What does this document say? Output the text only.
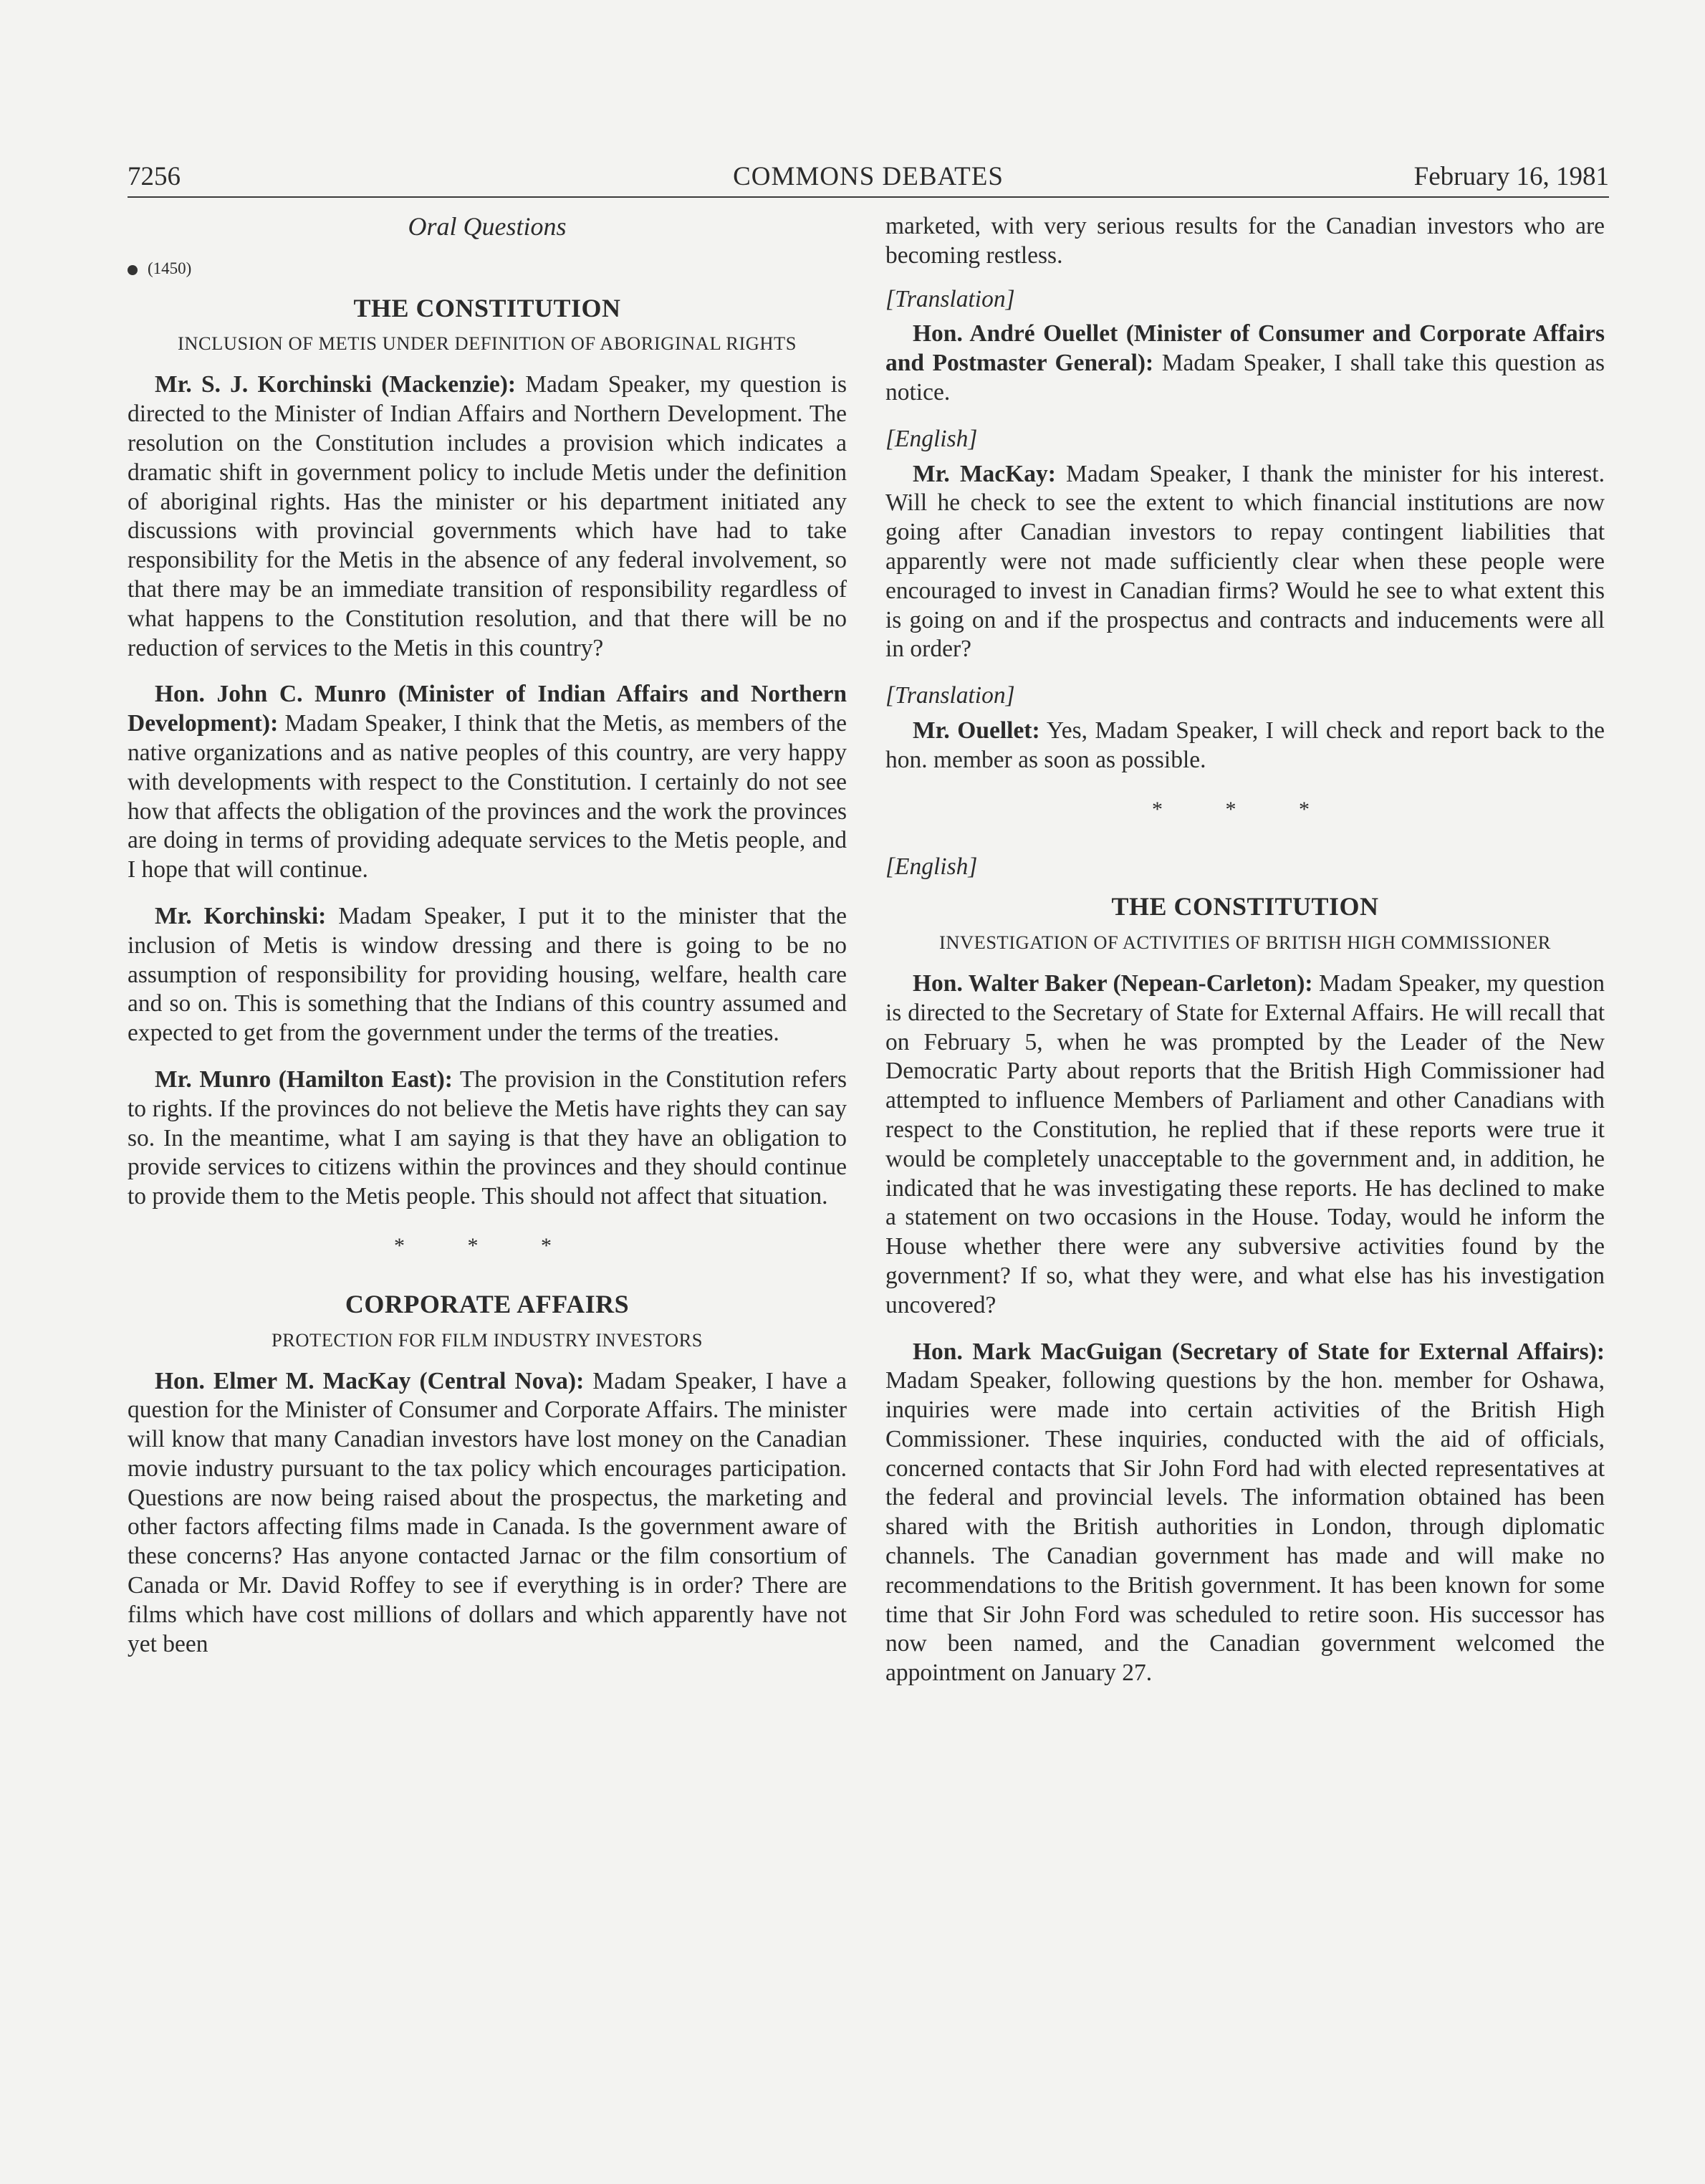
7256	COMMONS DEBATES	February 16, 1981

Oral Questions

(1450)

THE CONSTITUTION

INCLUSION OF METIS UNDER DEFINITION OF ABORIGINAL RIGHTS

Mr. S. J. Korchinski (Mackenzie): Madam Speaker, my question is directed to the Minister of Indian Affairs and Northern Development. The resolution on the Constitution includes a provision which indicates a dramatic shift in government policy to include Metis under the definition of aboriginal rights. Has the minister or his department initiated any discussions with provincial governments which have had to take responsibility for the Metis in the absence of any federal involvement, so that there may be an immediate transition of responsibility regardless of what happens to the Constitution resolution, and that there will be no reduction of services to the Metis in this country?

Hon. John C. Munro (Minister of Indian Affairs and Northern Development): Madam Speaker, I think that the Metis, as members of the native organizations and as native peoples of this country, are very happy with developments with respect to the Constitution. I certainly do not see how that affects the obligation of the provinces and the work the provinces are doing in terms of providing adequate services to the Metis people, and I hope that will continue.

Mr. Korchinski: Madam Speaker, I put it to the minister that the inclusion of Metis is window dressing and there is going to be no assumption of responsibility for providing housing, welfare, health care and so on. This is something that the Indians of this country assumed and expected to get from the government under the terms of the treaties.

Mr. Munro (Hamilton East): The provision in the Constitution refers to rights. If the provinces do not believe the Metis have rights they can say so. In the meantime, what I am saying is that they have an obligation to provide services to citizens within the provinces and they should continue to provide them to the Metis people. This should not affect that situation.

* * *

CORPORATE AFFAIRS

PROTECTION FOR FILM INDUSTRY INVESTORS

Hon. Elmer M. MacKay (Central Nova): Madam Speaker, I have a question for the Minister of Consumer and Corporate Affairs. The minister will know that many Canadian investors have lost money on the Canadian movie industry pursuant to the tax policy which encourages participation. Questions are now being raised about the prospectus, the marketing and other factors affecting films made in Canada. Is the government aware of these concerns? Has anyone contacted Jarnac or the film consortium of Canada or Mr. David Roffey to see if everything is in order? There are films which have cost millions of dollars and which apparently have not yet been

marketed, with very serious results for the Canadian investors who are becoming restless.

[Translation]

Hon. André Ouellet (Minister of Consumer and Corporate Affairs and Postmaster General): Madam Speaker, I shall take this question as notice.

[English]

Mr. MacKay: Madam Speaker, I thank the minister for his interest. Will he check to see the extent to which financial institutions are now going after Canadian investors to repay contingent liabilities that apparently were not made sufficiently clear when these people were encouraged to invest in Canadian firms? Would he see to what extent this is going on and if the prospectus and contracts and inducements were all in order?

[Translation]

Mr. Ouellet: Yes, Madam Speaker, I will check and report back to the hon. member as soon as possible.

* * *

[English]

THE CONSTITUTION

INVESTIGATION OF ACTIVITIES OF BRITISH HIGH COMMISSIONER

Hon. Walter Baker (Nepean-Carleton): Madam Speaker, my question is directed to the Secretary of State for External Affairs. He will recall that on February 5, when he was prompted by the Leader of the New Democratic Party about reports that the British High Commissioner had attempted to influence Members of Parliament and other Canadians with respect to the Constitution, he replied that if these reports were true it would be completely unacceptable to the government and, in addition, he indicated that he was investigating these reports. He has declined to make a statement on two occasions in the House. Today, would he inform the House whether there were any subversive activities found by the government? If so, what they were, and what else has his investigation uncovered?

Hon. Mark MacGuigan (Secretary of State for External Affairs): Madam Speaker, following questions by the hon. member for Oshawa, inquiries were made into certain activities of the British High Commissioner. These inquiries, conducted with the aid of officials, concerned contacts that Sir John Ford had with elected representatives at the federal and provincial levels. The information obtained has been shared with the British authorities in London, through diplomatic channels. The Canadian government has made and will make no recommendations to the British government. It has been known for some time that Sir John Ford was scheduled to retire soon. His successor has now been named, and the Canadian government welcomed the appointment on January 27.
